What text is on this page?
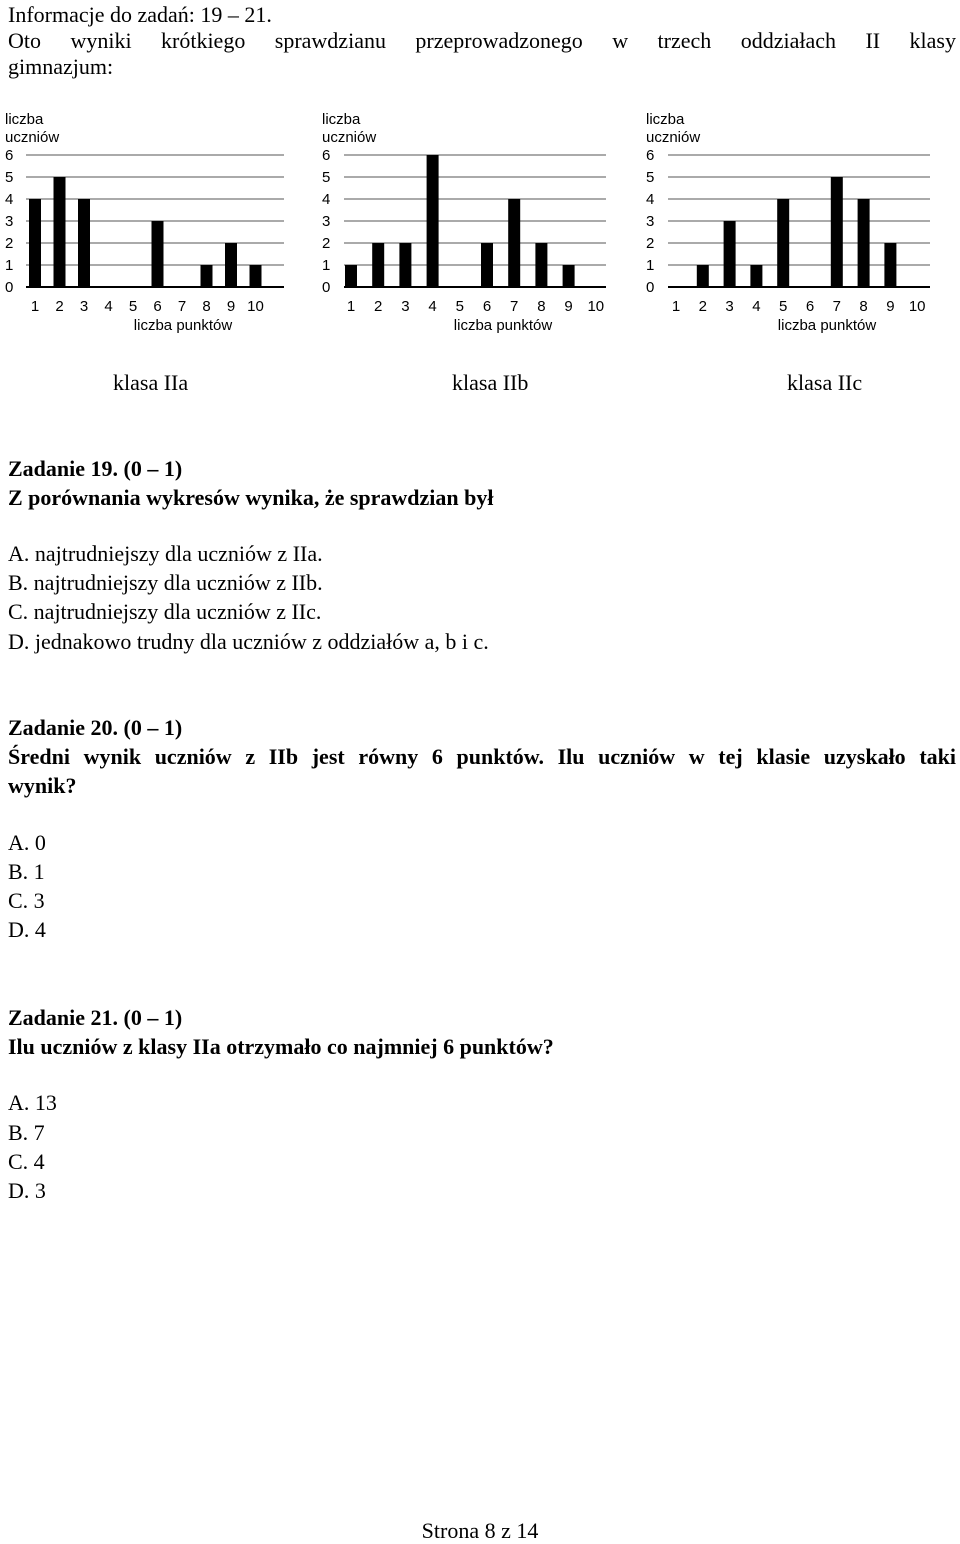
Informacje do zadań: 19 – 21.
Oto wyniki krótkiego sprawdzianu przeprowadzonego w trzech oddziałach II klasy
gimnazjum:
liczba
uczniów
0
1
2
3
4
5
6
1 2 3 4 5 6 7 8 9 10
liczba punktów
liczba
uczniów
0
1
2
3
4
5
6
1 2 3 4 5 6 7 8 9 10
liczba punktów
liczba
uczniów
0
1
2
3
4
5
6
1 2 3 4 5 6 7 8 9 10
liczba punktów
klasa IIa	klasa IIb	klasa IIc
Zadanie 19. (0 – 1)
Z porównania wykresów wynika, że sprawdzian był
A. najtrudniejszy dla uczniów z IIa.
B. najtrudniejszy dla uczniów z IIb.
C. najtrudniejszy dla uczniów z IIc.
D. jednakowo trudny dla uczniów z oddziałów a, b i c.
Zadanie 20. (0 – 1)
Średni wynik uczniów z IIb jest równy 6 punktów. Ilu uczniów w tej klasie uzyskało taki
wynik?
A. 0
B. 1
C. 3
D. 4
Zadanie 21. (0 – 1)
Ilu uczniów z klasy IIa otrzymało co najmniej 6 punktów?
A. 13
B. 7
C. 4
D. 3
Strona 8 z 14
